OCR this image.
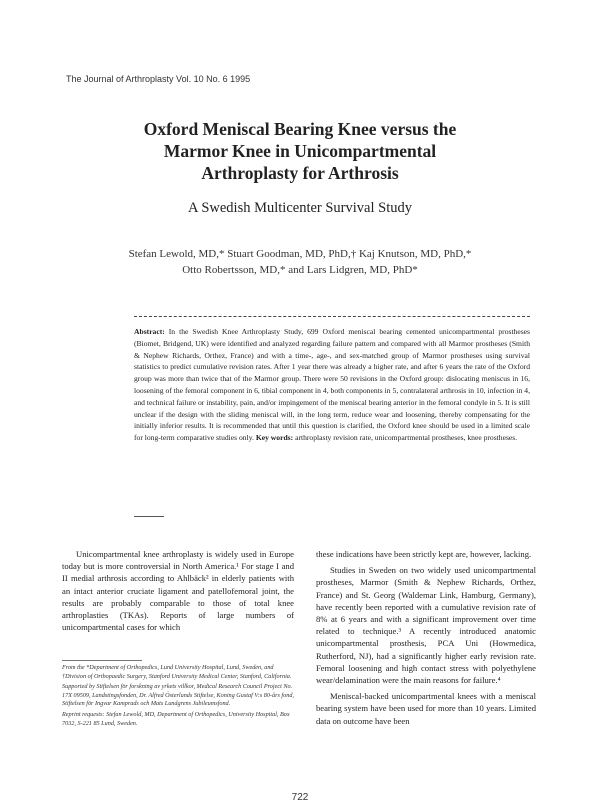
The Journal of Arthroplasty Vol. 10 No. 6 1995
Oxford Meniscal Bearing Knee versus the
Marmor Knee in Unicompartmental
Arthroplasty for Arthrosis
A Swedish Multicenter Survival Study
Stefan Lewold, MD,* Stuart Goodman, MD, PhD,† Kaj Knutson, MD, PhD,*
Otto Robertsson, MD,* and Lars Lidgren, MD, PhD*
Abstract: In the Swedish Knee Arthroplasty Study, 699 Oxford meniscal bearing cemented unicompartmental prostheses (Biomet, Bridgend, UK) were identified and analyzed regarding failure pattern and compared with all Marmor prostheses (Smith & Nephew Richards, Orthez, France) and with a time-, age-, and sex-matched group of Marmor prostheses using survival statistics to predict cumulative revision rates. After 1 year there was already a higher rate, and after 6 years the rate of the Oxford group was more than twice that of the Marmor group. There were 50 revisions in the Oxford group: dislocating meniscus in 16, loosening of the femoral component in 6, tibial component in 4, both components in 5, contralateral arthrosis in 10, infection in 4, and technical failure or instability, pain, and/or impingement of the meniscal bearing anterior in the femoral condyle in 5. It is still unclear if the design with the sliding meniscal will, in the long term, reduce wear and loosening, thereby compensating for the initially inferior results. It is recommended that until this question is clarified, the Oxford knee should be used in a limited scale for long-term comparative studies only. Key words: arthroplasty revision rate, unicompartmental prostheses, knee prostheses.

Unicompartmental knee arthroplasty is widely used in Europe today but is more controversial in North America.¹ For stage I and II medial arthrosis according to Ahlbäck² in elderly patients with an intact anterior cruciate ligament and patellofemoral joint, the results are probably comparable to those of total knee arthroplasties (TKAs). Reports of large numbers of unicompartmental cases for which

From the *Department of Orthopedics, Lund University Hospital, Lund, Sweden, and †Division of Orthopaedic Surgery, Stanford University Medical Center, Stanford, California.

Supported by Stiftelsen för forskning av yrkets villkor, Medical Research Council Project No. 17X 09509, Landstingsfonden, Dr. Alfred Österlunds Stiftelse, Koning Gustaf V:s 80-års fond, Stiftelsen för Ingvar Kamprads och Mats Lundgrens Jubileumsfond.

Reprint requests: Stefan Lewold, MD, Department of Orthopedics, University Hospital, Box 7032, S-221 85 Lund, Sweden.

these indications have been strictly kept are, however, lacking.

Studies in Sweden on two widely used unicompartmental prostheses, Marmor (Smith & Nephew Richards, Orthez, France) and St. Georg (Waldemar Link, Hamburg, Germany), have recently been reported with a cumulative revision rate of 8% at 6 years and with a significant improvement over time related to technique.³ A recently introduced anatomic unicompartmental prosthesis, PCA Uni (Howmedica, Rutherford, NJ), had a significantly higher early revision rate. Femoral loosening and high contact stress with polyethylene wear/delamination were the main reasons for failure.⁴

Meniscal-backed unicompartmental knees with a meniscal bearing system have been used for more than 10 years. Limited data on outcome have been

722
